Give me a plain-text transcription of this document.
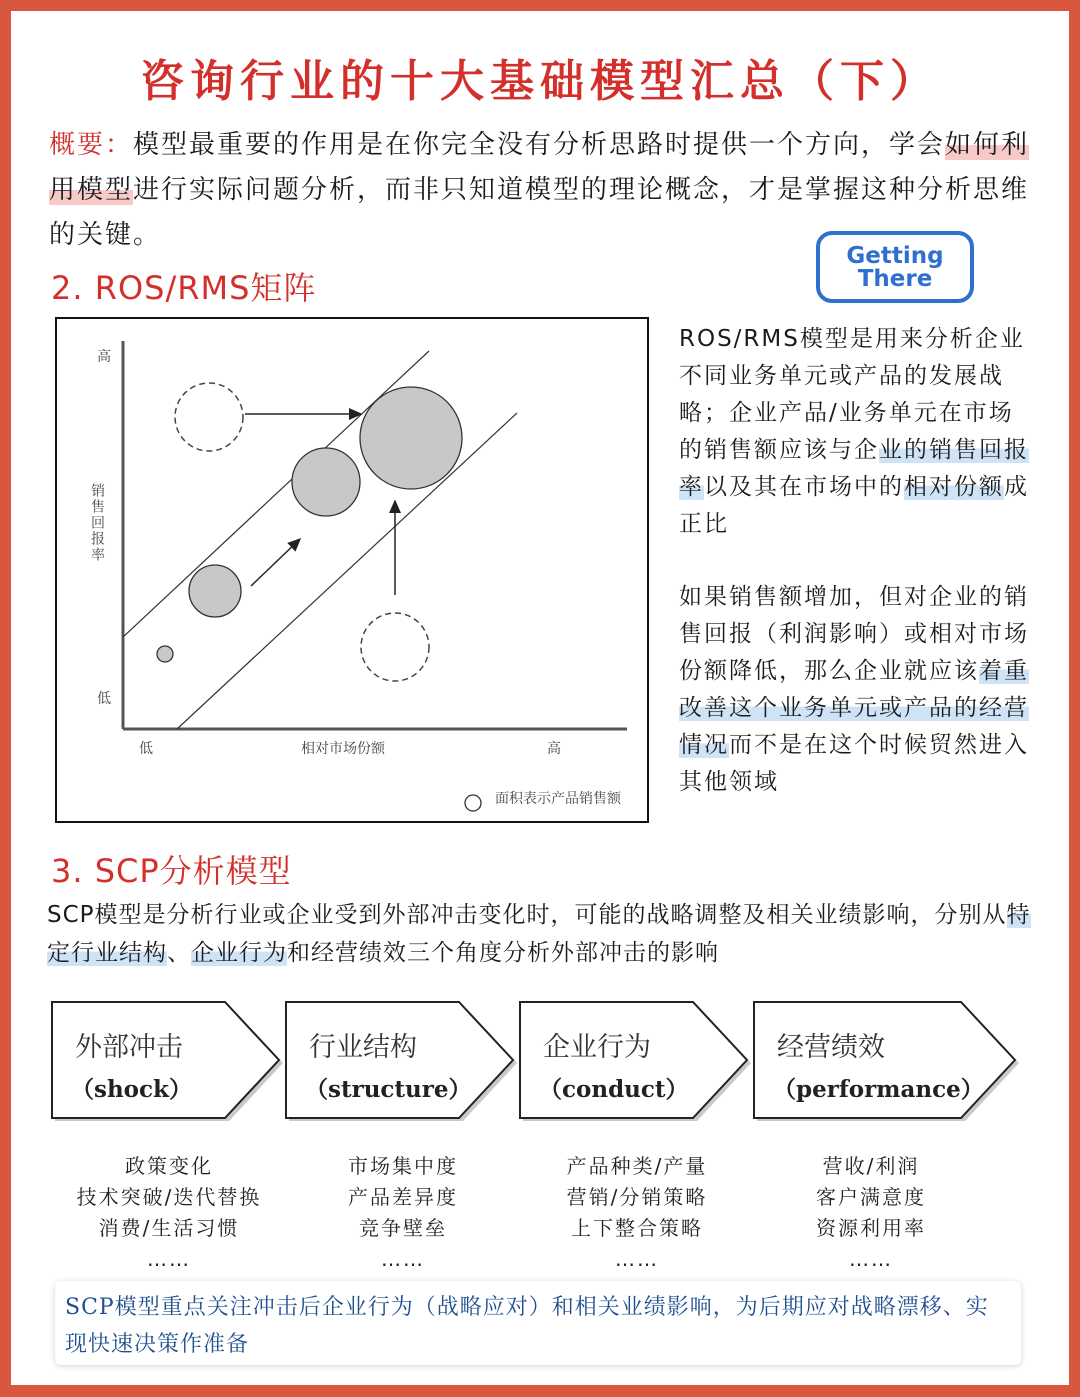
咨询行业的十大基础模型汇总（下）
概要：模型最重要的作用是在你完全没有分析思路时提供一个方向，学会如何利用模型进行实际问题分析，而非只知道模型的理论概念，才是掌握这种分析思维的关键。
Getting
There
2. ROS/RMS矩阵
高
低
销售回报率
低	相对市场份额	高
面积表示产品销售额
ROS/RMS模型是用来分析企业不同业务单元或产品的发展战略；企业产品/业务单元在市场的销售额应该与企业的销售回报率以及其在市场中的相对份额成正比
如果销售额增加，但对企业的销售回报（利润影响）或相对市场份额降低，那么企业就应该着重改善这个业务单元或产品的经营情况而不是在这个时候贸然进入其他领域
3. SCP分析模型
SCP模型是分析行业或企业受到外部冲击变化时，可能的战略调整及相关业绩影响，分别从特定行业结构、企业行为和经营绩效三个角度分析外部冲击的影响
外部冲击
（shock）
行业结构
（structure）
企业行为
（conduct）
经营绩效
（performance）
政策变化
技术突破/迭代替换
消费/生活习惯
……
市场集中度
产品差异度
竞争壁垒
……
产品种类/产量
营销/分销策略
上下整合策略
……
营收/利润
客户满意度
资源利用率
……
SCP模型重点关注冲击后企业行为（战略应对）和相关业绩影响，为后期应对战略漂移、实现快速决策作准备
